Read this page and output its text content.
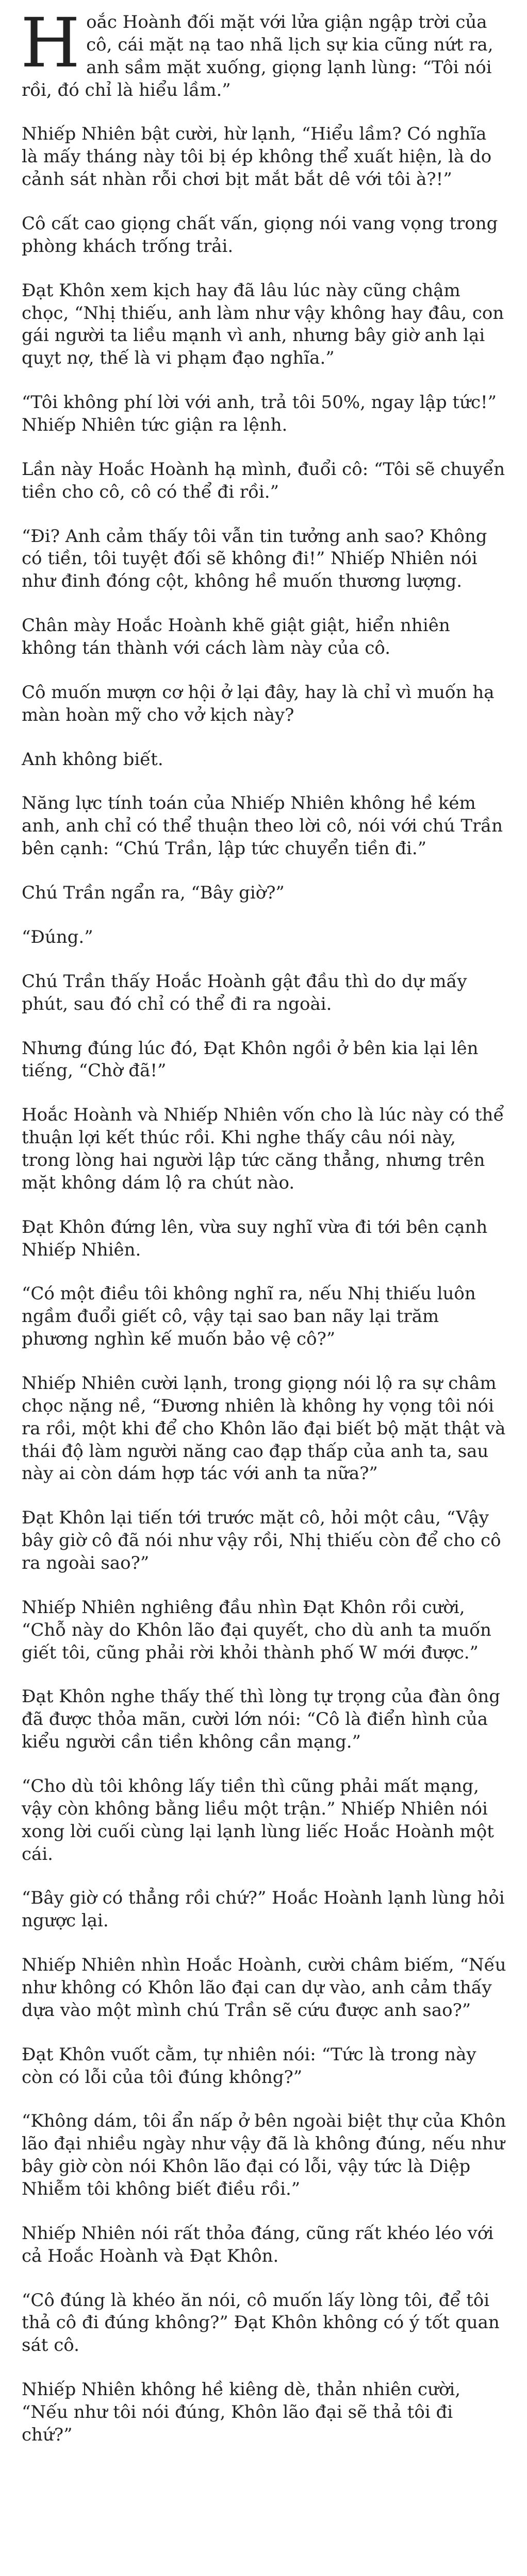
Hoắc Hoành đối mặt với lửa giận ngập trời của cô, cái mặt nạ tao nhã lịch sự kia cũng nứt ra, anh sầm mặt xuống, giọng lạnh lùng: “Tôi nói rồi, đó chỉ là hiểu lầm.”

Nhiếp Nhiên bật cười, hừ lạnh, “Hiểu lầm? Có nghĩa là mấy tháng này tôi bị ép không thể xuất hiện, là do cảnh sát nhàn rỗi chơi bịt mắt bắt dê với tôi à?!”

Cô cất cao giọng chất vấn, giọng nói vang vọng trong phòng khách trống trải.

Đạt Khôn xem kịch hay đã lâu lúc này cũng chậm chọc, “Nhị thiếu, anh làm như vậy không hay đâu, con gái người ta liều mạnh vì anh, nhưng bây giờ anh lại quỵt nợ, thế là vi phạm đạo nghĩa.”

“Tôi không phí lời với anh, trả tôi 50%, ngay lập tức!” Nhiếp Nhiên tức giận ra lệnh.

Lần này Hoắc Hoành hạ mình, đuổi cô: “Tôi sẽ chuyển tiền cho cô, cô có thể đi rồi.”

“Đi? Anh cảm thấy tôi vẫn tin tưởng anh sao? Không có tiền, tôi tuyệt đối sẽ không đi!” Nhiếp Nhiên nói như đinh đóng cột, không hề muốn thương lượng.

Chân mày Hoắc Hoành khẽ giật giật, hiển nhiên không tán thành với cách làm này của cô.

Cô muốn mượn cơ hội ở lại đây, hay là chỉ vì muốn hạ màn hoàn mỹ cho vở kịch này?

Anh không biết.

Năng lực tính toán của Nhiếp Nhiên không hề kém anh, anh chỉ có thể thuận theo lời cô, nói với chú Trần bên cạnh: “Chú Trần, lập tức chuyển tiền đi.”

Chú Trần ngẩn ra, “Bây giờ?”

“Đúng.”

Chú Trần thấy Hoắc Hoành gật đầu thì do dự mấy phút, sau đó chỉ có thể đi ra ngoài.

Nhưng đúng lúc đó, Đạt Khôn ngồi ở bên kia lại lên tiếng, “Chờ đã!”

Hoắc Hoành và Nhiếp Nhiên vốn cho là lúc này có thể thuận lợi kết thúc rồi. Khi nghe thấy câu nói này, trong lòng hai người lập tức căng thẳng, nhưng trên mặt không dám lộ ra chút nào.

Đạt Khôn đứng lên, vừa suy nghĩ vừa đi tới bên cạnh Nhiếp Nhiên.

“Có một điều tôi không nghĩ ra, nếu Nhị thiếu luôn ngầm đuổi giết cô, vậy tại sao ban nãy lại trăm phương nghìn kế muốn bảo vệ cô?”

Nhiếp Nhiên cười lạnh, trong giọng nói lộ ra sự châm chọc nặng nề, “Đương nhiên là không hy vọng tôi nói ra rồi, một khi để cho Khôn lão đại biết bộ mặt thật và thái độ làm người năng cao đạp thấp của anh ta, sau này ai còn dám hợp tác với anh ta nữa?”

Đạt Khôn lại tiến tới trước mặt cô, hỏi một câu, “Vậy bây giờ cô đã nói như vậy rồi, Nhị thiếu còn để cho cô ra ngoài sao?”

Nhiếp Nhiên nghiêng đầu nhìn Đạt Khôn rồi cười, “Chỗ này do Khôn lão đại quyết, cho dù anh ta muốn giết tôi, cũng phải rời khỏi thành phố W mới được.”

Đạt Khôn nghe thấy thế thì lòng tự trọng của đàn ông đã được thỏa mãn, cười lớn nói: “Cô là điển hình của kiểu người cần tiền không cần mạng.”

“Cho dù tôi không lấy tiền thì cũng phải mất mạng, vậy còn không bằng liều một trận.” Nhiếp Nhiên nói xong lời cuối cùng lại lạnh lùng liếc Hoắc Hoành một cái.

“Bây giờ có thẳng rồi chứ?” Hoắc Hoành lạnh lùng hỏi ngược lại.

Nhiếp Nhiên nhìn Hoắc Hoành, cười châm biếm, “Nếu như không có Khôn lão đại can dự vào, anh cảm thấy dựa vào một mình chú Trần sẽ cứu được anh sao?”

Đạt Khôn vuốt cằm, tự nhiên nói: “Tức là trong này còn có lỗi của tôi đúng không?”

“Không dám, tôi ẩn nấp ở bên ngoài biệt thự của Khôn lão đại nhiều ngày như vậy đã là không đúng, nếu như bây giờ còn nói Khôn lão đại có lỗi, vậy tức là Diệp Nhiễm tôi không biết điều rồi.”

Nhiếp Nhiên nói rất thỏa đáng, cũng rất khéo léo với cả Hoắc Hoành và Đạt Khôn.

“Cô đúng là khéo ăn nói, cô muốn lấy lòng tôi, để tôi thả cô đi đúng không?” Đạt Khôn không có ý tốt quan sát cô.

Nhiếp Nhiên không hề kiêng dè, thản nhiên cười, “Nếu như tôi nói đúng, Khôn lão đại sẽ thả tôi đi chứ?”
